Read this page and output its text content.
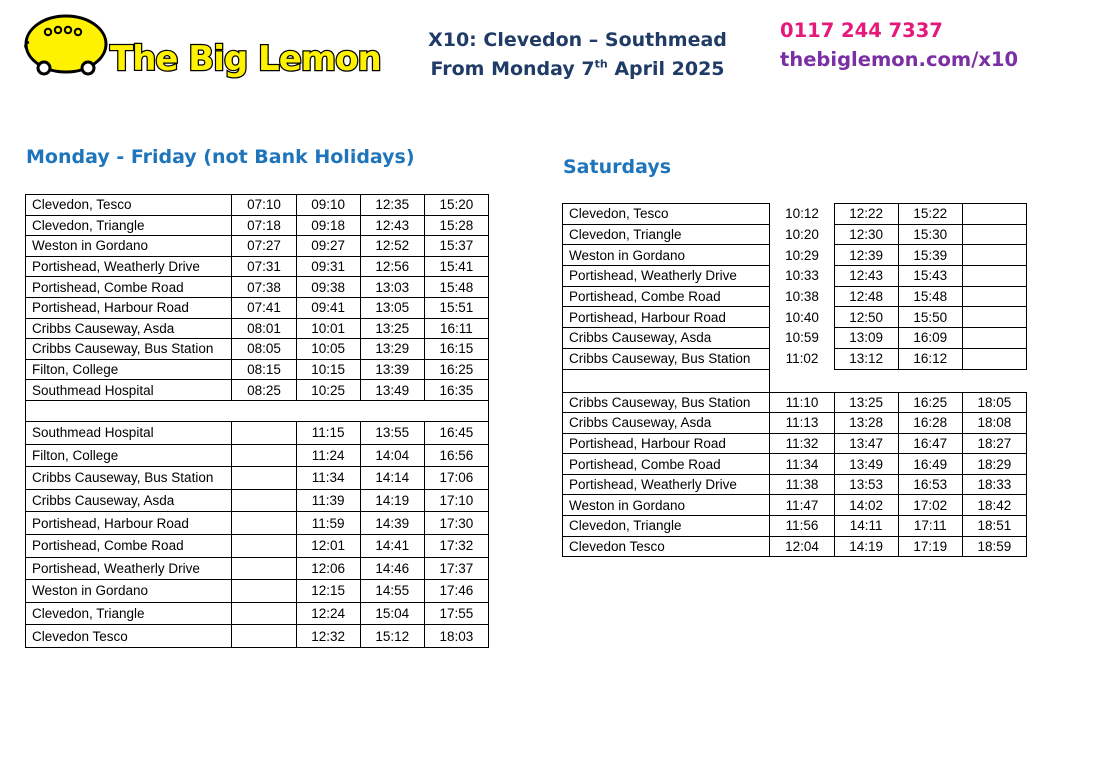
The Big Lemon	X10: Clevedon – Southmead
From Monday 7th April 2025
0117 244 7337
thebiglemon.com/x10
Monday - Friday (not Bank Holidays)	Saturdays
Clevedon, Tesco	07:10	09:10	12:35	15:20
Clevedon, Triangle	07:18	09:18	12:43	15:28
Weston in Gordano	07:27	09:27	12:52	15:37
Portishead, Weatherly Drive	07:31	09:31	12:56	15:41
Portishead, Combe Road	07:38	09:38	13:03	15:48
Portishead, Harbour Road	07:41	09:41	13:05	15:51
Cribbs Causeway, Asda	08:01	10:01	13:25	16:11
Cribbs Causeway, Bus Station	08:05	10:05	13:29	16:15
Filton, College	08:15	10:15	13:39	16:25
Southmead Hospital	08:25	10:25	13:49	16:35

Southmead Hospital		11:15	13:55	16:45
Filton, College		11:24	14:04	16:56
Cribbs Causeway, Bus Station		11:34	14:14	17:06
Cribbs Causeway, Asda		11:39	14:19	17:10
Portishead, Harbour Road		11:59	14:39	17:30
Portishead, Combe Road		12:01	14:41	17:32
Portishead, Weatherly Drive		12:06	14:46	17:37
Weston in Gordano		12:15	14:55	17:46
Clevedon, Triangle		12:24	15:04	17:55
Clevedon Tesco		12:32	15:12	18:03
Clevedon, Tesco	10:12	12:22	15:22	
Clevedon, Triangle	10:20	12:30	15:30	
Weston in Gordano	10:29	12:39	15:39	
Portishead, Weatherly Drive	10:33	12:43	15:43	
Portishead, Combe Road	10:38	12:48	15:48	
Portishead, Harbour Road	10:40	12:50	15:50	
Cribbs Causeway, Asda	10:59	13:09	16:09	
Cribbs Causeway, Bus Station	11:02	13:12	16:12	

Cribbs Causeway, Bus Station	11:10	13:25	16:25	18:05
Cribbs Causeway, Asda	11:13	13:28	16:28	18:08
Portishead, Harbour Road	11:32	13:47	16:47	18:27
Portishead, Combe Road	11:34	13:49	16:49	18:29
Portishead, Weatherly Drive	11:38	13:53	16:53	18:33
Weston in Gordano	11:47	14:02	17:02	18:42
Clevedon, Triangle	11:56	14:11	17:11	18:51
Clevedon Tesco	12:04	14:19	17:19	18:59
